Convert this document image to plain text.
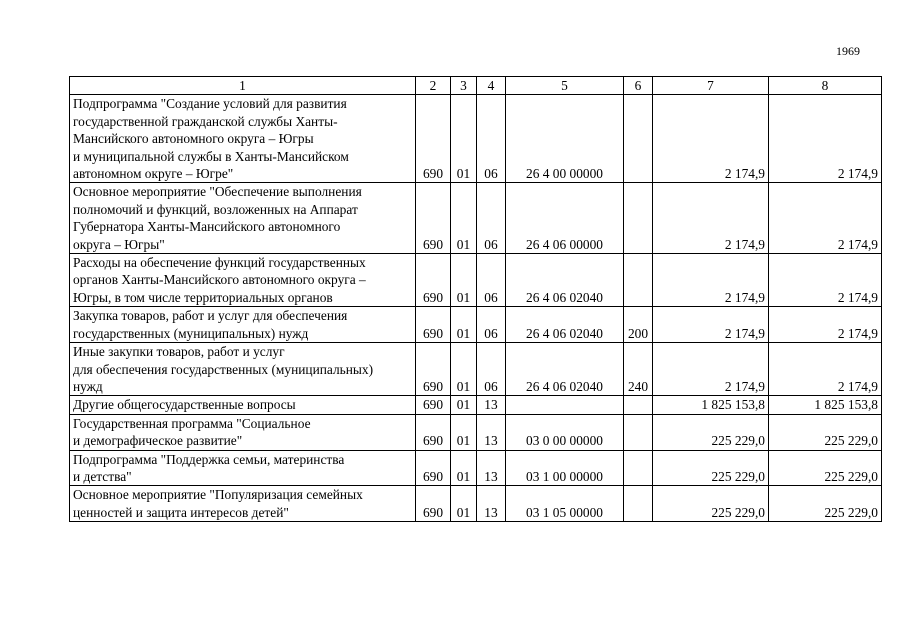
1969
1	2	3	4	5	6	7	8

Подпрограмма "Создание условий для развития
государственной гражданской службы Ханты-
Мансийского автономного округа – Югры
и муниципальной службы в Ханты-Мансийском
автономном округе – Югре"	690	01	06	26 4 00 00000		2 174,9	2 174,9

Основное мероприятие "Обеспечение выполнения
полномочий и функций, возложенных на Аппарат
Губернатора Ханты-Мансийского автономного
округа – Югры"	690	01	06	26 4 06 00000		2 174,9	2 174,9

Расходы на обеспечение функций государственных
органов Ханты-Мансийского автономного округа –
Югры, в том числе территориальных органов	690	01	06	26 4 06 02040		2 174,9	2 174,9

Закупка товаров, работ и услуг для обеспечения
государственных (муниципальных) нужд	690	01	06	26 4 06 02040	200	2 174,9	2 174,9

Иные закупки товаров, работ и услуг
для обеспечения государственных (муниципальных)
нужд	690	01	06	26 4 06 02040	240	2 174,9	2 174,9

Другие общегосударственные вопросы	690	01	13			1 825 153,8	1 825 153,8

Государственная программа "Социальное
и демографическое развитие"	690	01	13	03 0 00 00000		225 229,0	225 229,0

Подпрограмма "Поддержка семьи, материнства
и детства"	690	01	13	03 1 00 00000		225 229,0	225 229,0

Основное мероприятие "Популяризация семейных
ценностей и защита интересов детей"	690	01	13	03 1 05 00000		225 229,0	225 229,0
